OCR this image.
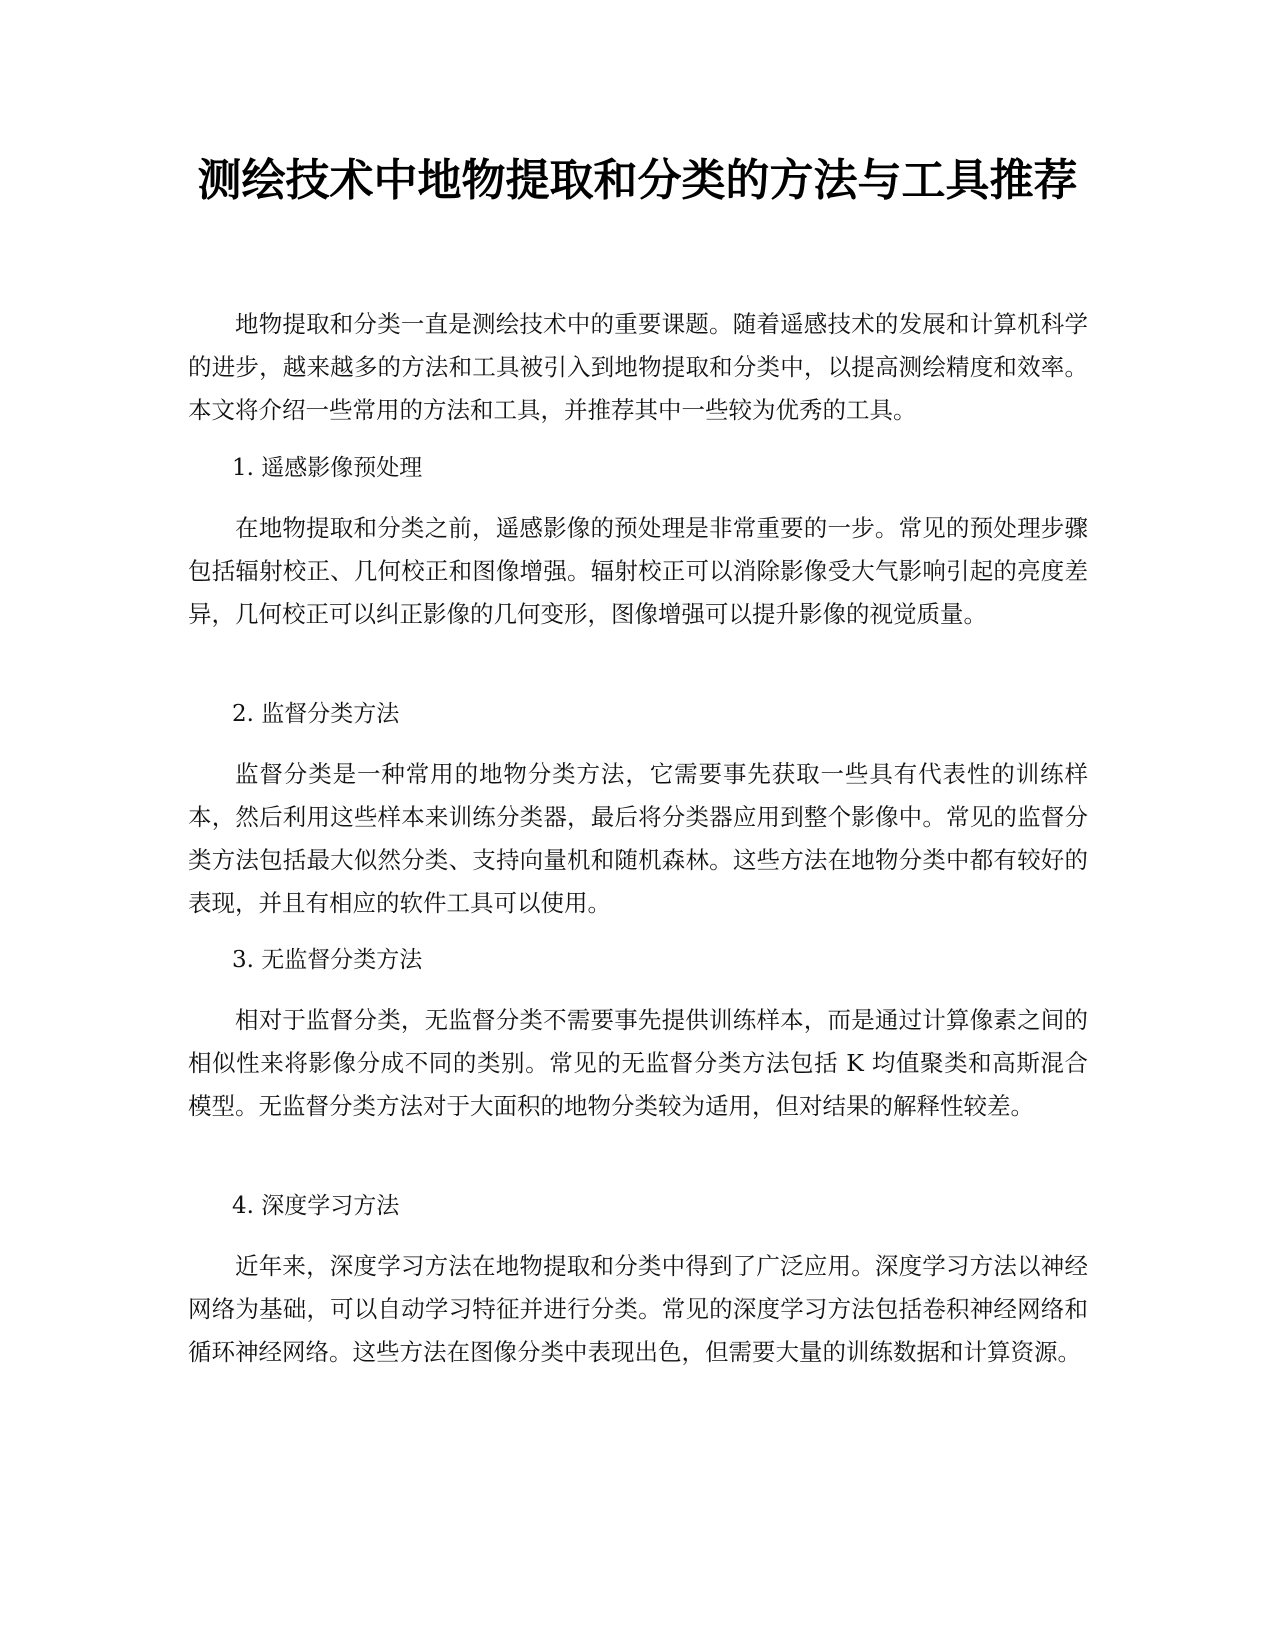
测绘技术中地物提取和分类的方法与工具推荐

地物提取和分类一直是测绘技术中的重要课题。随着遥感技术的发展和计算机科学的进步，越来越多的方法和工具被引入到地物提取和分类中，以提高测绘精度和效率。本文将介绍一些常用的方法和工具，并推荐其中一些较为优秀的工具。

1. 遥感影像预处理

在地物提取和分类之前，遥感影像的预处理是非常重要的一步。常见的预处理步骤包括辐射校正、几何校正和图像增强。辐射校正可以消除影像受大气影响引起的亮度差异，几何校正可以纠正影像的几何变形，图像增强可以提升影像的视觉质量。

2. 监督分类方法

监督分类是一种常用的地物分类方法，它需要事先获取一些具有代表性的训练样本，然后利用这些样本来训练分类器，最后将分类器应用到整个影像中。常见的监督分类方法包括最大似然分类、支持向量机和随机森林。这些方法在地物分类中都有较好的表现，并且有相应的软件工具可以使用。

3. 无监督分类方法

相对于监督分类，无监督分类不需要事先提供训练样本，而是通过计算像素之间的相似性来将影像分成不同的类别。常见的无监督分类方法包括 K 均值聚类和高斯混合模型。无监督分类方法对于大面积的地物分类较为适用，但对结果的解释性较差。

4. 深度学习方法

近年来，深度学习方法在地物提取和分类中得到了广泛应用。深度学习方法以神经网络为基础，可以自动学习特征并进行分类。常见的深度学习方法包括卷积神经网络和循环神经网络。这些方法在图像分类中表现出色，但需要大量的训练数据和计算资源。
